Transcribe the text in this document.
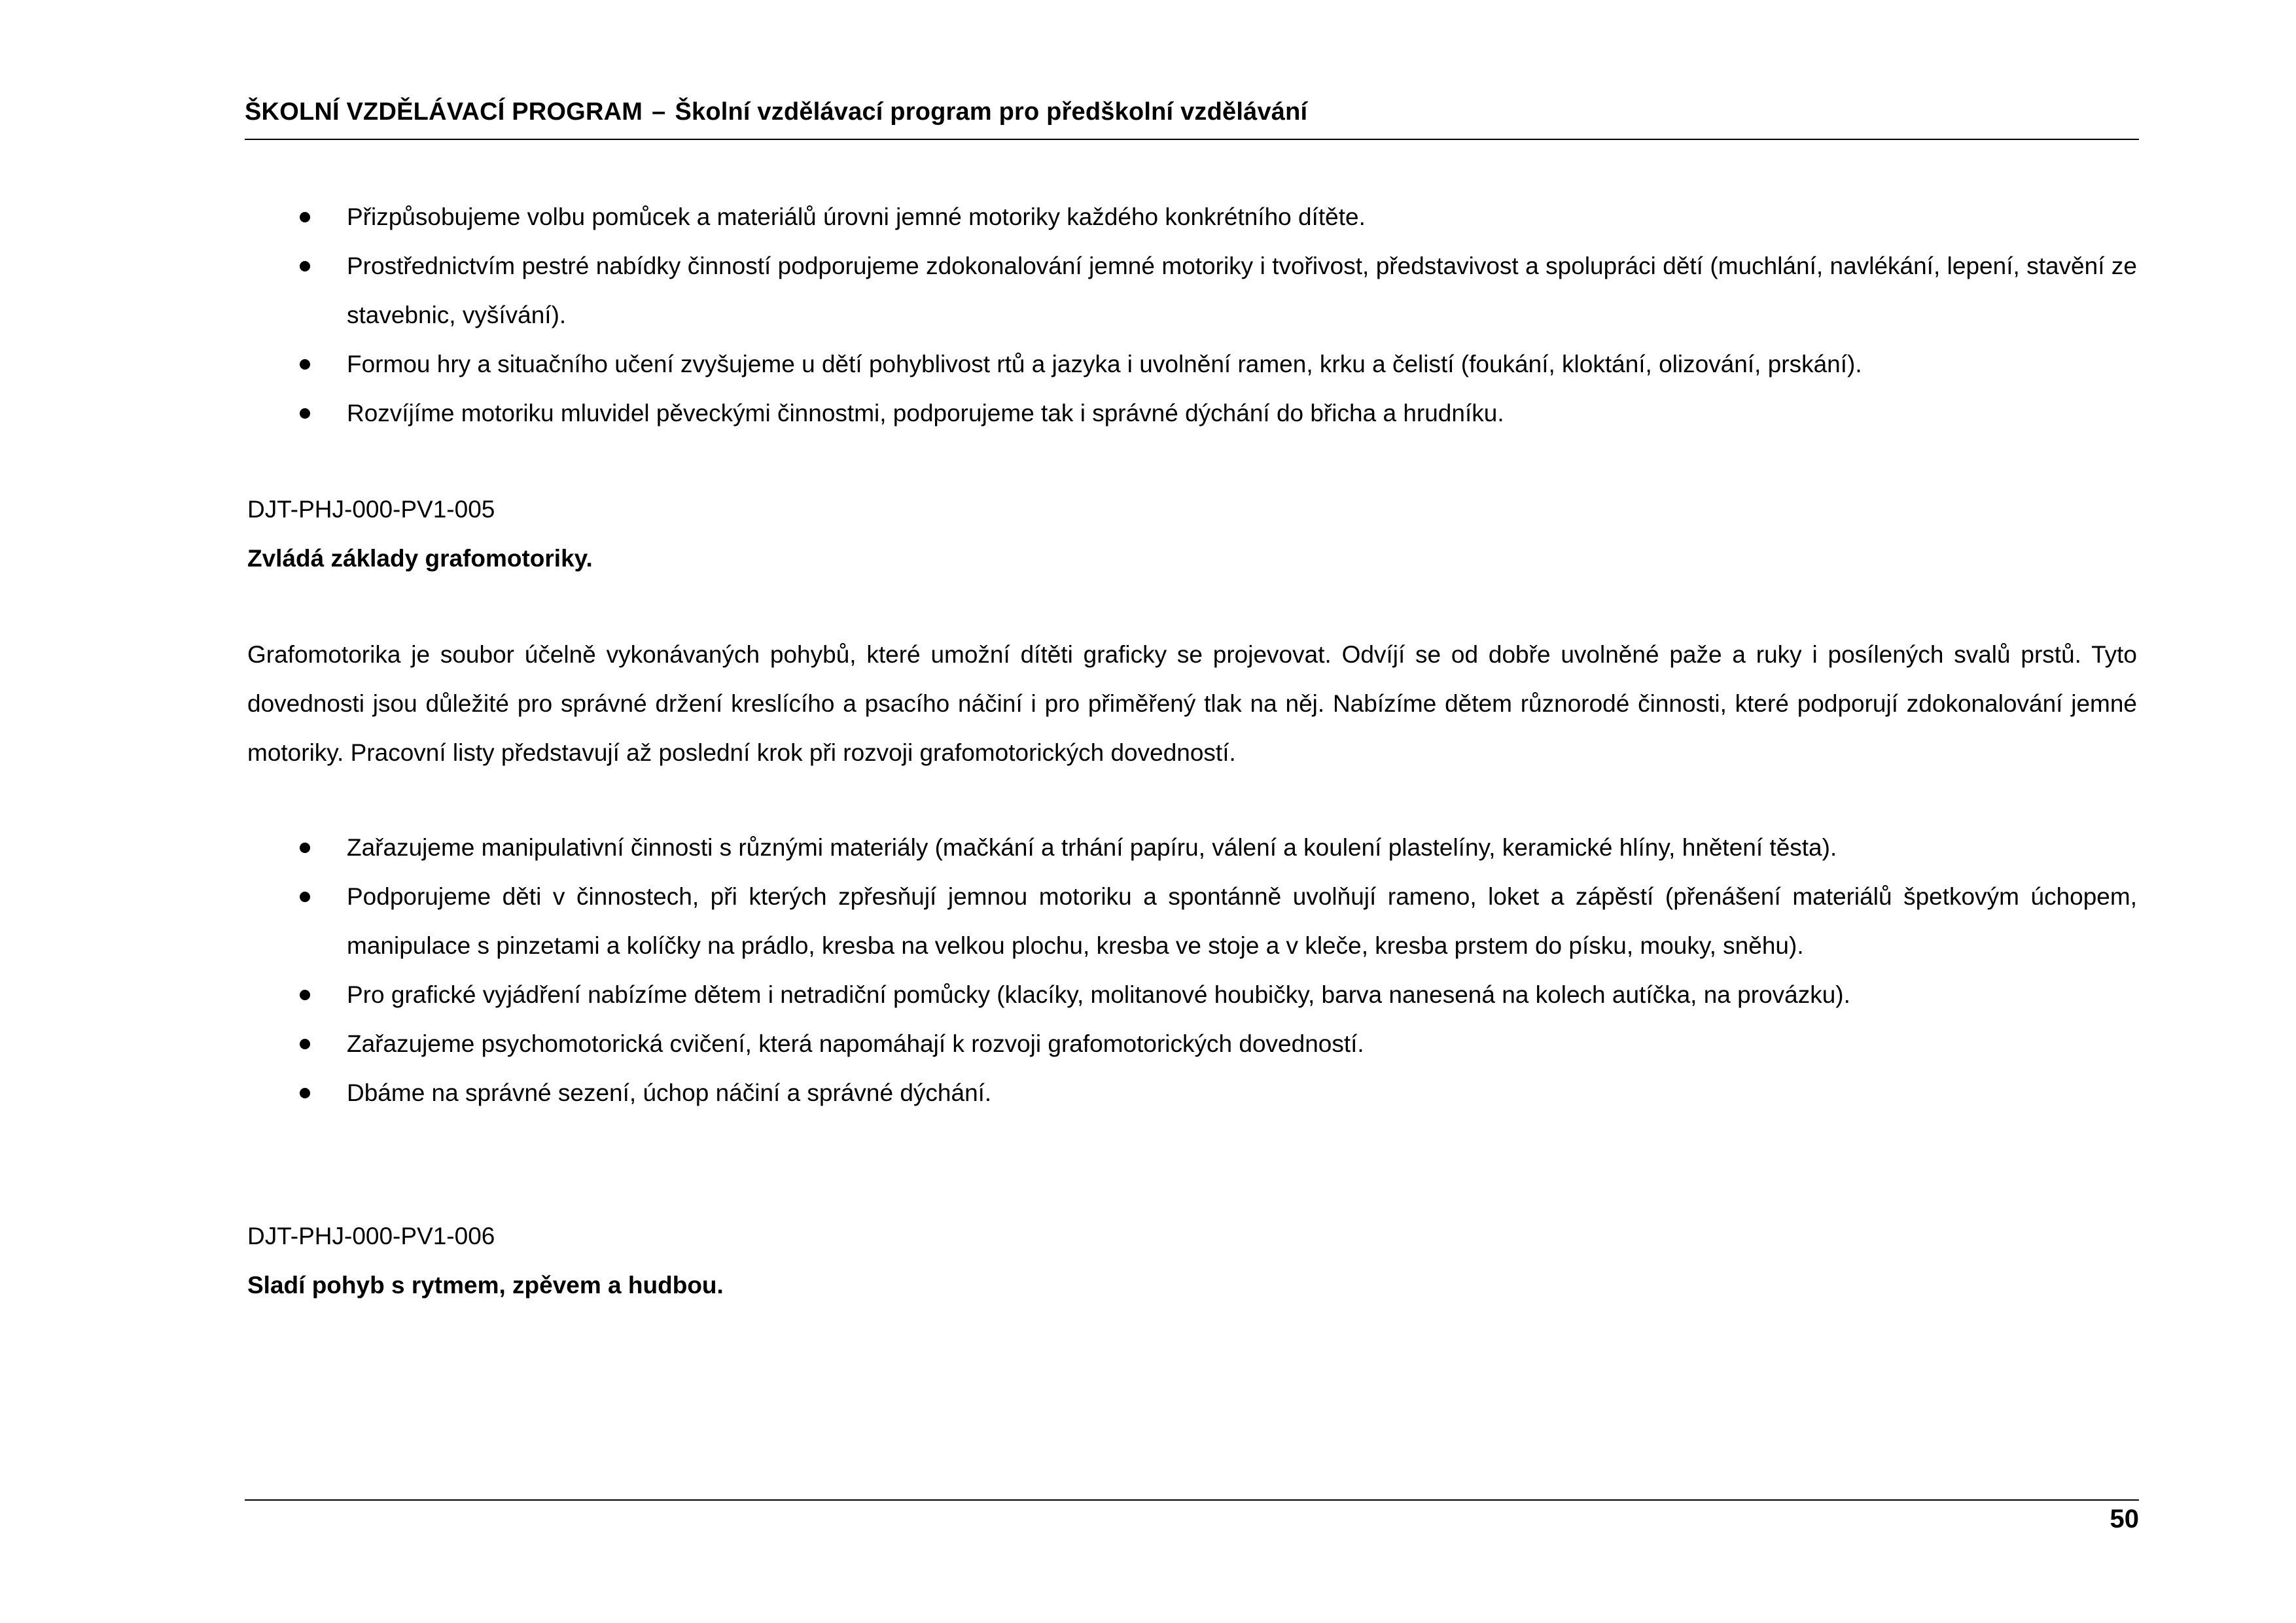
ŠKOLNÍ VZDĚLÁVACÍ PROGRAM – Školní vzdělávací program pro předškolní vzdělávání
Přizpůsobujeme volbu pomůcek a materiálů úrovni jemné motoriky každého konkrétního dítěte.
Prostřednictvím pestré nabídky činností podporujeme zdokonalování jemné motoriky i tvořivost, představivost a spolupráci dětí (muchlání, navlékání, lepení, stavění ze stavebnic, vyšívání).
Formou hry a situačního učení zvyšujeme u dětí pohyblivost rtů a jazyka i uvolnění ramen, krku a čelistí (foukání, kloktání, olizování, prskání).
Rozvíjíme motoriku mluvidel pěveckými činnostmi, podporujeme tak i správné dýchání do břicha a hrudníku.

DJT-PHJ-000-PV1-005

Zvládá základy grafomotoriky.

Grafomotorika je soubor účelně vykonávaných pohybů, které umožní dítěti graficky se projevovat. Odvíjí se od dobře uvolněné paže a ruky i posílených svalů prstů. Tyto dovednosti jsou důležité pro správné držení kreslícího a psacího náčiní i pro přiměřený tlak na něj. Nabízíme dětem různorodé činnosti, které podporují zdokonalování jemné motoriky. Pracovní listy představují až poslední krok při rozvoji grafomotorických dovedností.

Zařazujeme manipulativní činnosti s různými materiály (mačkání a trhání papíru, válení a koulení plastelíny, keramické hlíny, hnětení těsta).
Podporujeme děti v činnostech, při kterých zpřesňují jemnou motoriku a spontánně uvolňují rameno, loket a zápěstí (přenášení materiálů špetkovým úchopem, manipulace s pinzetami a kolíčky na prádlo, kresba na velkou plochu, kresba ve stoje a v kleče, kresba prstem do písku, mouky, sněhu).
Pro grafické vyjádření nabízíme dětem i netradiční pomůcky (klacíky, molitanové houbičky, barva nanesená na kolech autíčka, na provázku).
Zařazujeme psychomotorická cvičení, která napomáhají k rozvoji grafomotorických dovedností.
Dbáme na správné sezení, úchop náčiní a správné dýchání.

DJT-PHJ-000-PV1-006

Sladí pohyb s rytmem, zpěvem a hudbou.

50
